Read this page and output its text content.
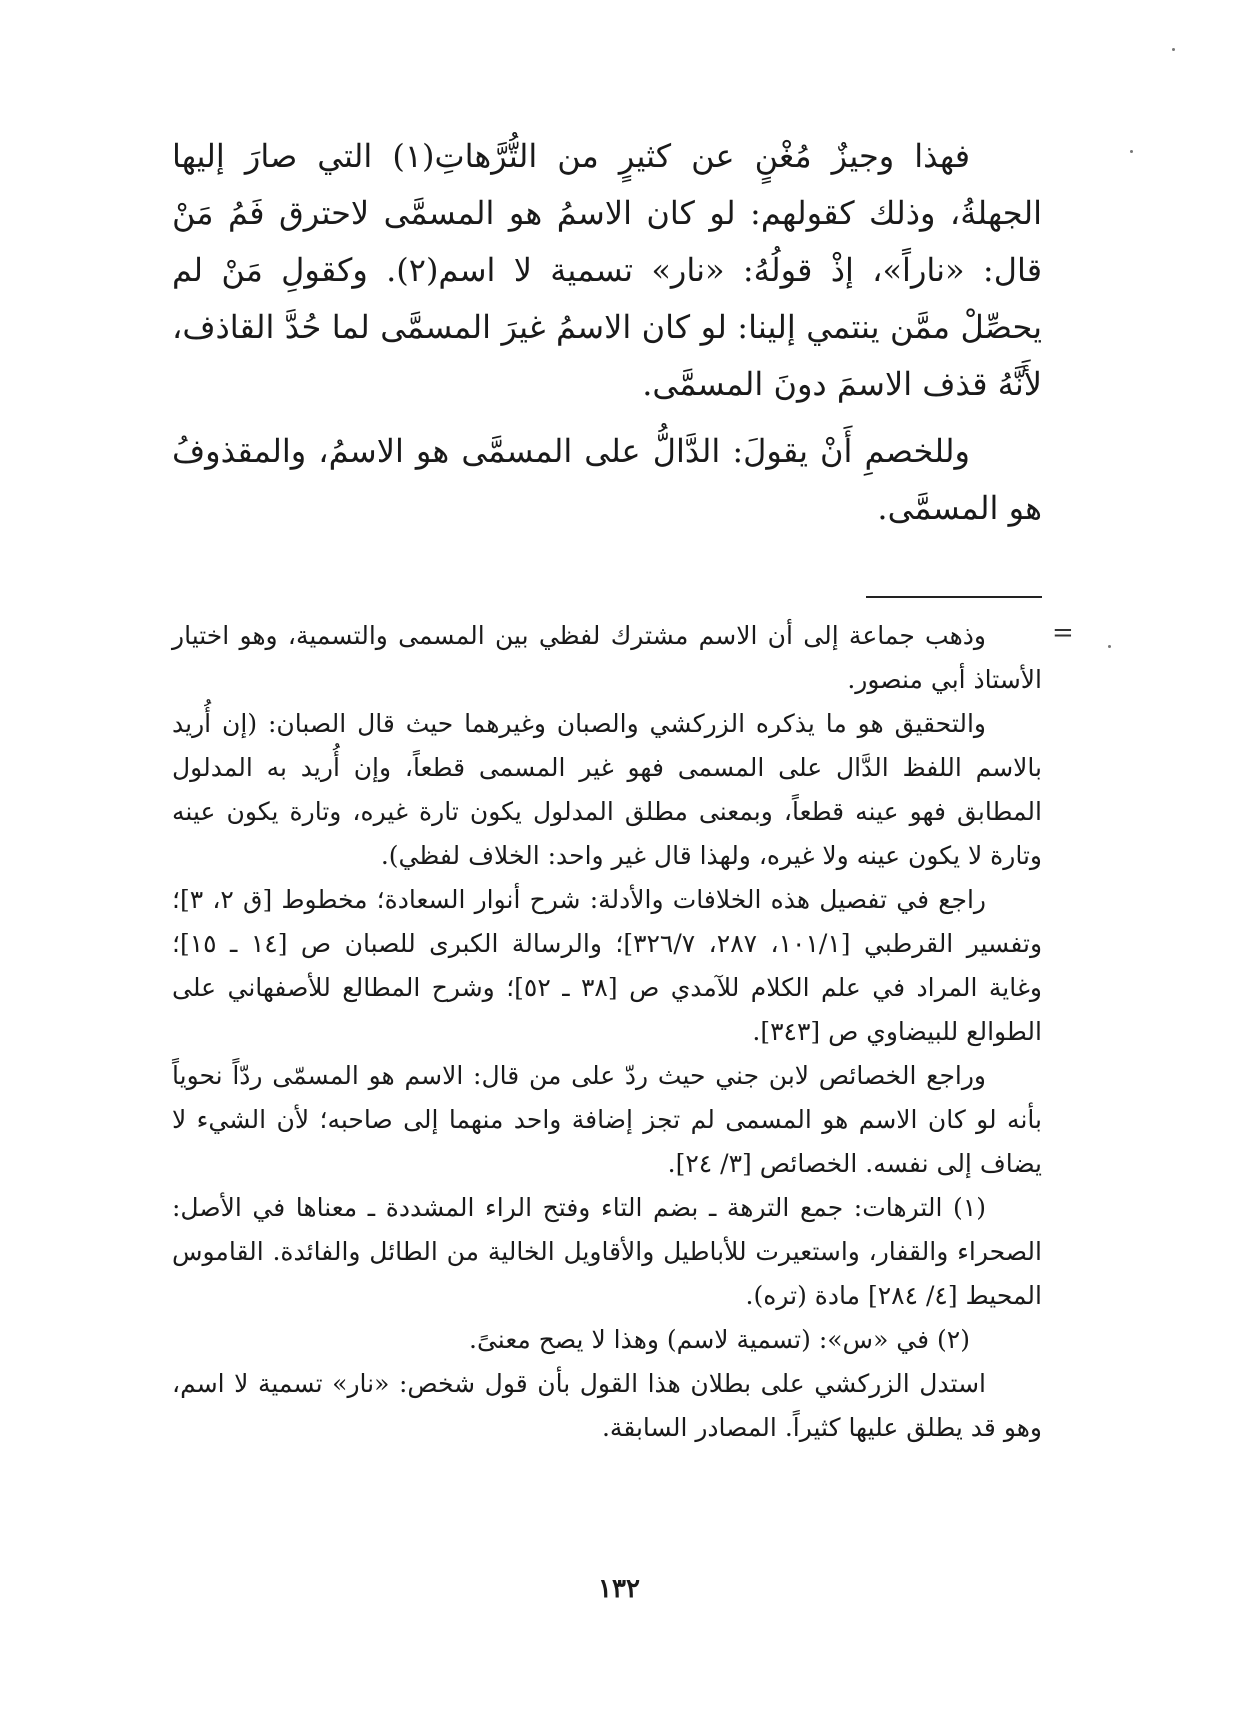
فهذا وجيزٌ مُغْنٍ عن كثيرٍ من التُّرَّهاتِ(١) التي صارَ إليها الجهلةُ، وذلك كقولهم: لو كان الاسمُ هو المسمَّى لاحترق فَمُ مَنْ قال: «ناراً»، إذْ قولُهُ: «نار» تسمية لا اسم(٢). وكقولِ مَنْ لم يحصِّلْ ممَّن ينتمي إلينا: لو كان الاسمُ غيرَ المسمَّى لما حُدَّ القاذف، لأَنَّهُ قذف الاسمَ دونَ المسمَّى.

وللخصمِ أَنْ يقولَ: الدَّالُّ على المسمَّى هو الاسمُ، والمقذوفُ هو المسمَّى.

=

وذهب جماعة إلى أن الاسم مشترك لفظي بين المسمى والتسمية، وهو اختيار الأستاذ أبي منصور.

والتحقيق هو ما يذكره الزركشي والصبان وغيرهما حيث قال الصبان: (إن أُريد بالاسم اللفظ الدَّال على المسمى فهو غير المسمى قطعاً، وإن أُريد به المدلول المطابق فهو عينه قطعاً، وبمعنى مطلق المدلول يكون تارة غيره، وتارة يكون عينه وتارة لا يكون عينه ولا غيره، ولهذا قال غير واحد: الخلاف لفظي).

راجع في تفصيل هذه الخلافات والأدلة: شرح أنوار السعادة؛ مخطوط [ق ٢، ٣]؛ وتفسير القرطبي [١٠١/١، ٢٨٧، ٣٢٦/٧]؛ والرسالة الكبرى للصبان ص [١٤ ـ ١٥]؛ وغاية المراد في علم الكلام للآمدي ص [٣٨ ـ ٥٢]؛ وشرح المطالع للأصفهاني على الطوالع للبيضاوي ص [٣٤٣].

وراجع الخصائص لابن جني حيث ردّ على من قال: الاسم هو المسمّى ردّاً نحوياً بأنه لو كان الاسم هو المسمى لم تجز إضافة واحد منهما إلى صاحبه؛ لأن الشيء لا يضاف إلى نفسه. الخصائص [٣/ ٢٤].

(١) الترهات: جمع الترهة ـ بضم التاء وفتح الراء المشددة ـ معناها في الأصل: الصحراء والقفار، واستعيرت للأباطيل والأقاويل الخالية من الطائل والفائدة. القاموس المحيط [٤/ ٢٨٤] مادة (تره).

(٢) في «س»: (تسمية لاسم) وهذا لا يصح معنىً.

استدل الزركشي على بطلان هذا القول بأن قول شخص: «نار» تسمية لا اسم، وهو قد يطلق عليها كثيراً. المصادر السابقة.

١٣٢
